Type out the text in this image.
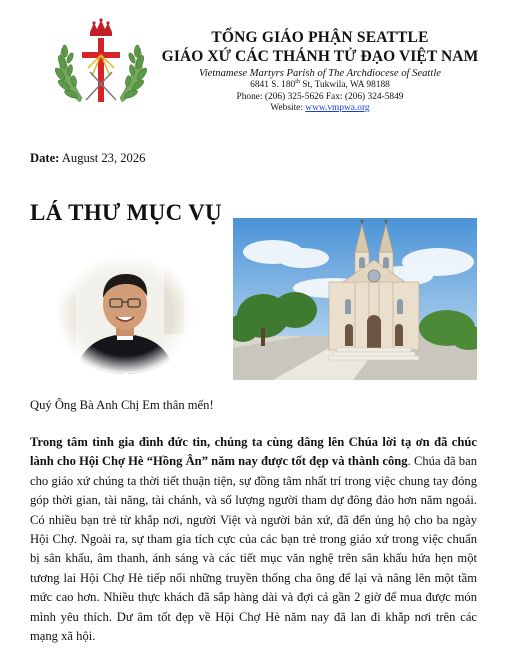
TỔNG GIÁO PHẬN SEATTLE
GIÁO XỨ CÁC THÁNH TỬ ĐẠO VIỆT NAM
Vietnamese Martyrs Parish of The Archdiocese of Seattle
6841 S. 180th St, Tukwila, WA 98188
Phone: (206) 325-5626 Fax: (206) 324-5849
Website: www.vmpwa.org
Date: August 23, 2026
LÁ THƯ MỤC VỤ
Quý Ông Bà Anh Chị Em thân mến!
Trong tâm tình gia đình đức tin, chúng ta cùng dâng lên Chúa lời tạ ơn đã chúc lành cho Hội Chợ Hè “Hồng Ân” năm nay được tốt đẹp và thành công. Chúa đã ban cho giáo xứ chúng ta thời tiết thuận tiện, sự đồng tâm nhất trí trong việc chung tay đóng góp thời gian, tài năng, tài chánh, và số lượng người tham dự đông đảo hơn năm ngoái. Có nhiều bạn trẻ từ khắp nơi, người Việt và người bản xứ, đã đến ủng hộ cho ba ngày Hội Chợ. Ngoài ra, sự tham gia tích cực của các bạn trẻ trong giáo xứ trong việc chuẩn bị sân khấu, âm thanh, ánh sáng và các tiết mục văn nghệ trên sân khấu hứa hẹn một tương lai Hội Chợ Hè tiếp nối những truyền thống cha ông để lại và nâng lên một tầm mức cao hơn. Nhiều thực khách đã sắp hàng dài và đợi cả gần 2 giờ để mua được món mình yêu thích. Dư âm tốt đẹp về Hội Chợ Hè năm nay đã lan đi khắp nơi trên các mạng xã hội.
